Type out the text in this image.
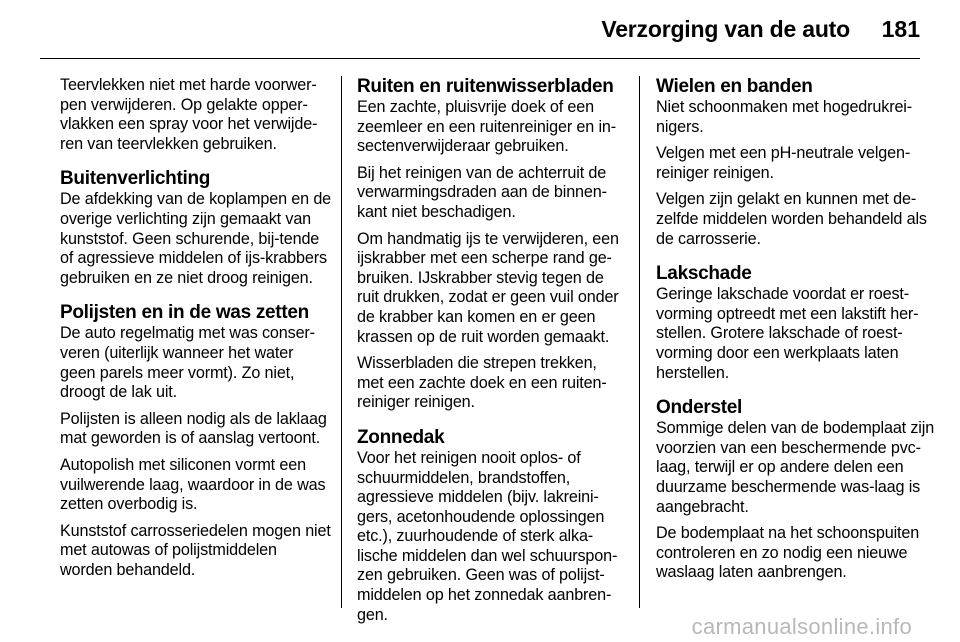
Verzorging van de auto 181

Teervlekken niet met harde voorwer-pen verwijderen. Op gelakte opper-vlakken een spray voor het verwijde-ren van teervlekken gebruiken.

Buitenverlichting

De afdekking van de koplampen en de overige verlichting zijn gemaakt van kunststof. Geen schurende, bij-tende of agressieve middelen of ijs-krabbers gebruiken en ze niet droog reinigen.

Polijsten en in de was zetten

De auto regelmatig met was conser-veren (uiterlijk wanneer het water geen parels meer vormt). Zo niet, droogt de lak uit.

Polijsten is alleen nodig als de laklaag mat geworden is of aanslag vertoont.

Autopolish met siliconen vormt een vuilwerende laag, waardoor in de was zetten overbodig is.

Kunststof carrosseriedelen mogen niet met autowas of polijstmiddelen worden behandeld.

Ruiten en ruitenwisserbladen

Een zachte, pluisvrije doek of een zeemleer en een ruitenreiniger en in-sectenverwijderaar gebruiken.

Bij het reinigen van de achterruit de verwarmingsdraden aan de binnen-kant niet beschadigen.

Om handmatig ijs te verwijderen, een ijskrabber met een scherpe rand ge-bruiken. IJskrabber stevig tegen de ruit drukken, zodat er geen vuil onder de krabber kan komen en er geen krassen op de ruit worden gemaakt.

Wisserbladen die strepen trekken, met een zachte doek en een ruiten-reiniger reinigen.

Zonnedak

Voor het reinigen nooit oplos- of schuurmiddelen, brandstoffen, agressieve middelen (bijv. lakreini-gers, acetonhoudende oplossingen etc.), zuurhoudende of sterk alka-lische middelen dan wel schuurspon-zen gebruiken. Geen was of polijst-middelen op het zonnedak aanbren-gen.

Wielen en banden

Niet schoonmaken met hogedrukrei-nigers.

Velgen met een pH-neutrale velgen-reiniger reinigen.

Velgen zijn gelakt en kunnen met de-zelfde middelen worden behandeld als de carrosserie.

Lakschade

Geringe lakschade voordat er roest-vorming optreedt met een lakstift her-stellen. Grotere lakschade of roest-vorming door een werkplaats laten herstellen.

Onderstel

Sommige delen van de bodemplaat zijn voorzien van een beschermende pvc-laag, terwijl er op andere delen een duurzame beschermende was-laag is aangebracht.

De bodemplaat na het schoonspuiten controleren en zo nodig een nieuwe waslaag laten aanbrengen.

carmanualsonline.info
